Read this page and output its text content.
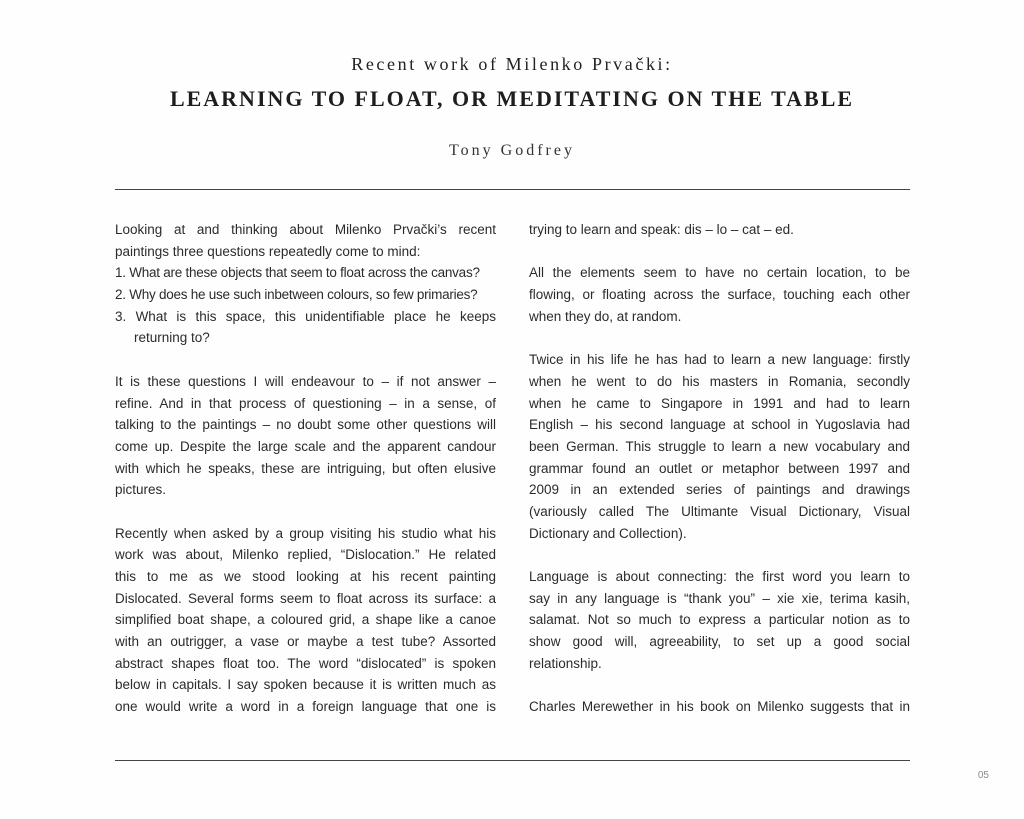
Recent work of Milenko Prvački:
LEARNING TO FLOAT, OR MEDITATING ON THE TABLE
Tony Godfrey
Looking at and thinking about Milenko Prvački’s recent
paintings three questions repeatedly come to mind:
1. What are these objects that seem to float across the canvas?
2. Why does he use such inbetween colours, so few primaries?
3. What is this space, this unidentifiable place he keeps
returning to?
It is these questions I will endeavour to – if not answer –
refine. And in that process of questioning – in a sense, of
talking to the paintings – no doubt some other questions will
come up. Despite the large scale and the apparent candour
with which he speaks, these are intriguing, but often elusive
pictures.
Recently when asked by a group visiting his studio what his
work was about, Milenko replied, “Dislocation.” He related
this to me as we stood looking at his recent painting
Dislocated. Several forms seem to float across its surface: a
simplified boat shape, a coloured grid, a shape like a canoe
with an outrigger, a vase or maybe a test tube? Assorted
abstract shapes float too. The word “dislocated” is spoken
below in capitals. I say spoken because it is written much as
one would write a word in a foreign language that one is
trying to learn and speak: dis – lo – cat – ed.
All the elements seem to have no certain location, to be
flowing, or floating across the surface, touching each other
when they do, at random.
Twice in his life he has had to learn a new language: firstly
when he went to do his masters in Romania, secondly
when he came to Singapore in 1991 and had to learn
English – his second language at school in Yugoslavia had
been German. This struggle to learn a new vocabulary and
grammar found an outlet or metaphor between 1997 and
2009 in an extended series of paintings and drawings
(variously called The Ultimante Visual Dictionary, Visual
Dictionary and Collection).
Language is about connecting: the first word you learn to
say in any language is “thank you” – xie xie, terima kasih,
salamat. Not so much to express a particular notion as to
show good will, agreeability, to set up a good social
relationship.
Charles Merewether in his book on Milenko suggests that in
05
